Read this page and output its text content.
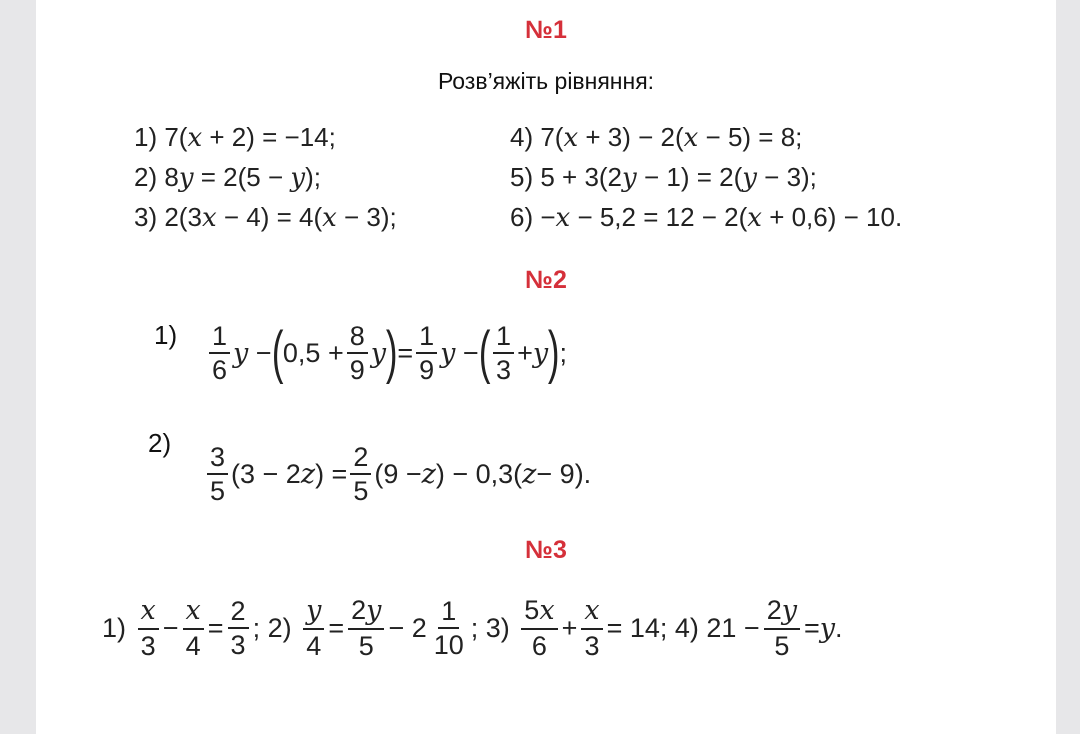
№1
Розв’яжіть рівняння:
1) 7(x + 2) = −14;
2) 8y = 2(5 − y);
3) 2(3x − 4) = 4(x − 3);
4) 7(x + 3) − 2(x − 5) = 8;
5) 5 + 3(2y − 1) = 2(y − 3);
6) −x − 5,2 = 12 − 2(x + 0,6) − 10.
№2
$1) \frac{1}{6}$ y − ( $0,5 + \frac{8}{9}$ y ) = $\frac{1}{9}$ y − ( $\frac{1}{3} + y$ ) ;
$2) \frac{3}{5} (3 - 2$ z ) = $\frac{2}{5} (9 - z$ ) − 0,3( z − 9).
№3
$1) \frac{x}{3} - \frac{x}{4} = \frac{2}{3}$ ; $2) \frac{y}{4} = \frac{2y}{5} - 2 \frac{1}{10}$ ; $3) \frac{5x}{6} + \frac{x}{3} = 14$; 4) $21 - \frac{2y}{5} = y$ .
